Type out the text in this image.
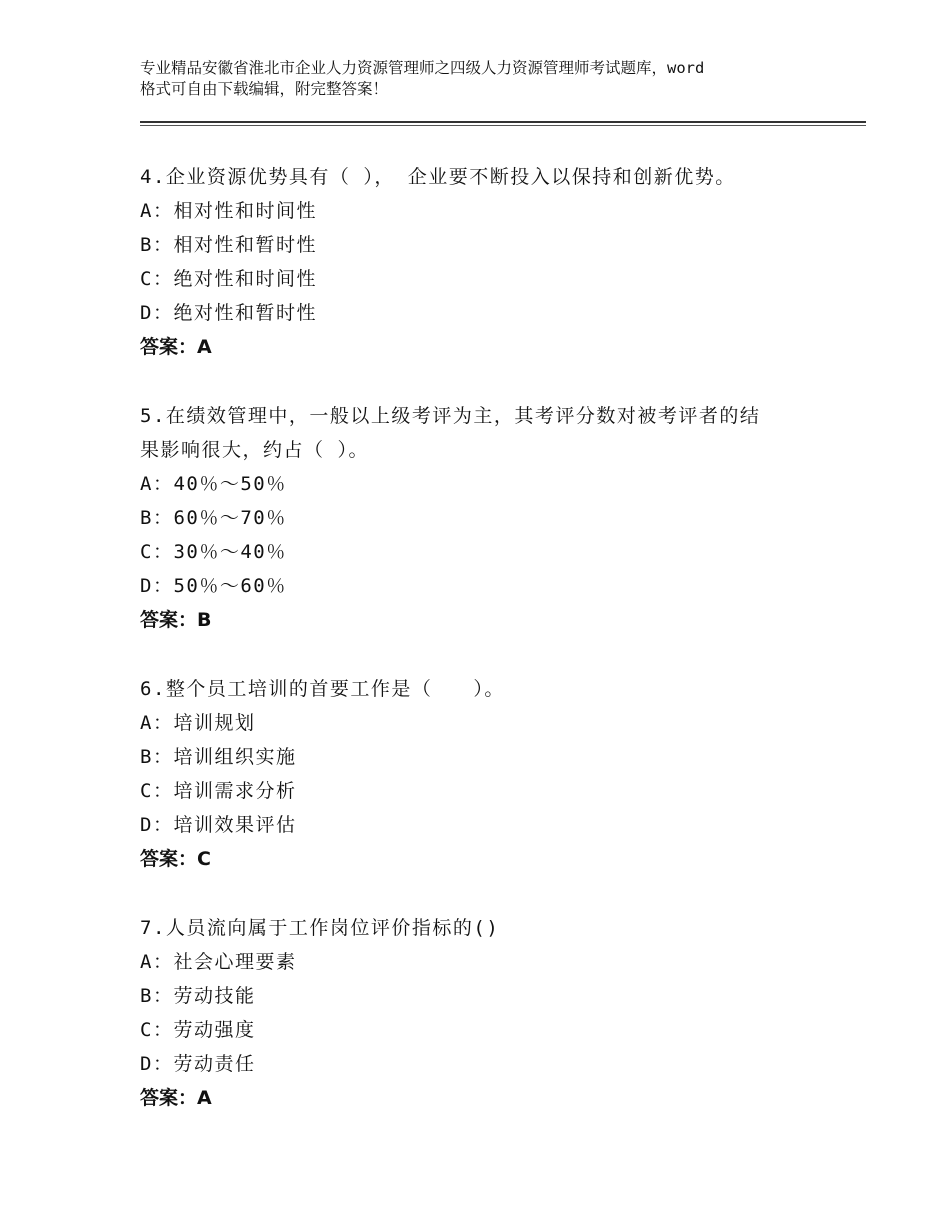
专业精品安徽省淮北市企业人力资源管理师之四级人力资源管理师考试题库，word
格式可自由下载编辑，附完整答案！
4.企业资源优势具有（ ）， 企业要不断投入以保持和创新优势。
A：相对性和时间性
B：相对性和暂时性
C：绝对性和时间性
D：绝对性和暂时性
答案：A
5.在绩效管理中，一般以上级考评为主，其考评分数对被考评者的结
果影响很大，约占（ ）。
A：40％～50％
B：60％～70％
C：30％～40％
D：50％～60％
答案：B
6.整个员工培训的首要工作是（　　）。
A：培训规划
B：培训组织实施
C：培训需求分析
D：培训效果评估
答案：C
7.人员流向属于工作岗位评价指标的()
A：社会心理要素
B：劳动技能
C：劳动强度
D：劳动责任
答案：A
